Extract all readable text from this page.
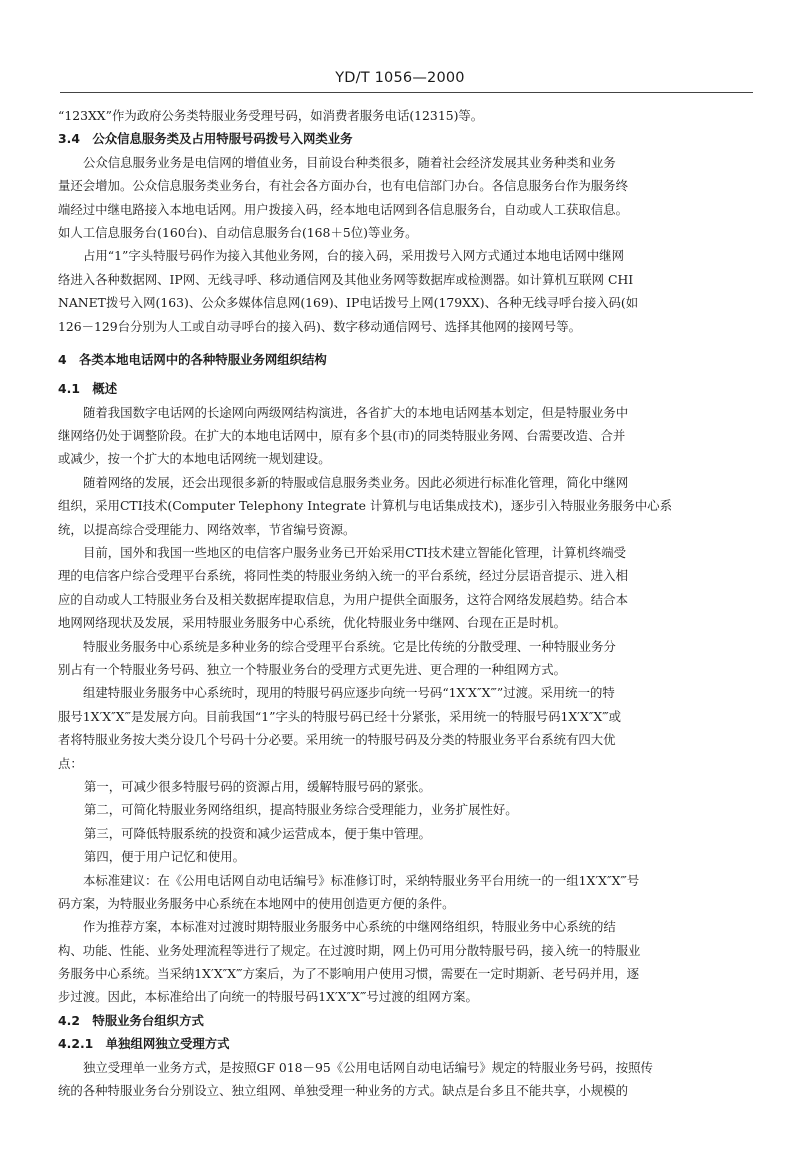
YD/T 1056—2000
“123XX”作为政府公务类特服业务受理号码，如消费者服务电话(12315)等。
3.4　公众信息服务类及占用特服号码拨号入网类业务
公众信息服务业务是电信网的增值业务，目前设台种类很多，随着社会经济发展其业务种类和业务
量还会增加。公众信息服务类业务台，有社会各方面办台，也有电信部门办台。各信息服务台作为服务终
端经过中继电路接入本地电话网。用户拨接入码，经本地电话网到各信息服务台，自动或人工获取信息。
如人工信息服务台(160台)、自动信息服务台(168＋5位)等业务。
占用“1”字头特服号码作为接入其他业务网，台的接入码，采用拨号入网方式通过本地电话网中继网
络进入各种数据网、IP网、无线寻呼、移动通信网及其他业务网等数据库或检测器。如计算机互联网 CHI
NANET拨号入网(163)、公众多媒体信息网(169)、IP电话拨号上网(179XX)、各种无线寻呼台接入码(如
126－129台分别为人工或自动寻呼台的接入码)、数字移动通信网号、选择其他网的接网号等。
4　各类本地电话网中的各种特服业务网组织结构
4.1　概述
随着我国数字电话网的长途网向两级网结构演进，各省扩大的本地电话网基本划定，但是特服业务中
继网络仍处于调整阶段。在扩大的本地电话网中，原有多个县(市)的同类特服业务网、台需要改造、合并
或减少，按一个扩大的本地电话网统一规划建设。
随着网络的发展，还会出现很多新的特服或信息服务类业务。因此必须进行标准化管理，简化中继网
组织，采用CTI技术(Computer Telephony Integrate 计算机与电话集成技术)，逐步引入特服业务服务中心系
统，以提高综合受理能力、网络效率，节省编号资源。
目前，国外和我国一些地区的电信客户服务业务已开始采用CTI技术建立智能化管理，计算机终端受
理的电信客户综合受理平台系统，将同性类的特服业务纳入统一的平台系统，经过分层语音提示、进入相
应的自动或人工特服业务台及相关数据库提取信息，为用户提供全面服务，这符合网络发展趋势。结合本
地网网络现状及发展，采用特服业务服务中心系统，优化特服业务中继网、台现在正是时机。
特服业务服务中心系统是多种业务的综合受理平台系统。它是比传统的分散受理、一种特服业务分
别占有一个特服业务号码、独立一个特服业务台的受理方式更先进、更合理的一种组网方式。
组建特服业务服务中心系统时，现用的特服号码应逐步向统一号码“1X′X″X‴”过渡。采用统一的特
服号1X′X″X‴是发展方向。目前我国“1”字头的特服号码已经十分紧张，采用统一的特服号码1X′X″X‴或
者将特服业务按大类分设几个号码十分必要。采用统一的特服号码及分类的特服业务平台系统有四大优
点：
第一，可减少很多特服号码的资源占用，缓解特服号码的紧张。
第二，可简化特服业务网络组织，提高特服业务综合受理能力，业务扩展性好。
第三，可降低特服系统的投资和减少运营成本，便于集中管理。
第四，便于用户记忆和使用。
本标准建议：在《公用电话网自动电话编号》标准修订时，采纳特服业务平台用统一的一组1X′X″X‴号
码方案，为特服业务服务中心系统在本地网中的使用创造更方便的条件。
作为推荐方案，本标准对过渡时期特服业务服务中心系统的中继网络组织，特服业务中心系统的结
构、功能、性能、业务处理流程等进行了规定。在过渡时期，网上仍可用分散特服号码，接入统一的特服业
务服务中心系统。当采纳1X′X″X‴方案后，为了不影响用户使用习惯，需要在一定时期新、老号码并用，逐
步过渡。因此，本标准给出了向统一的特服号码1X′X″X‴号过渡的组网方案。
4.2　特服业务台组织方式
4.2.1　单独组网独立受理方式
独立受理单一业务方式，是按照GF 018－95《公用电话网自动电话编号》规定的特服业务号码，按照传
统的各种特服业务台分别设立、独立组网、单独受理一种业务的方式。缺点是台多且不能共享，小规模的
